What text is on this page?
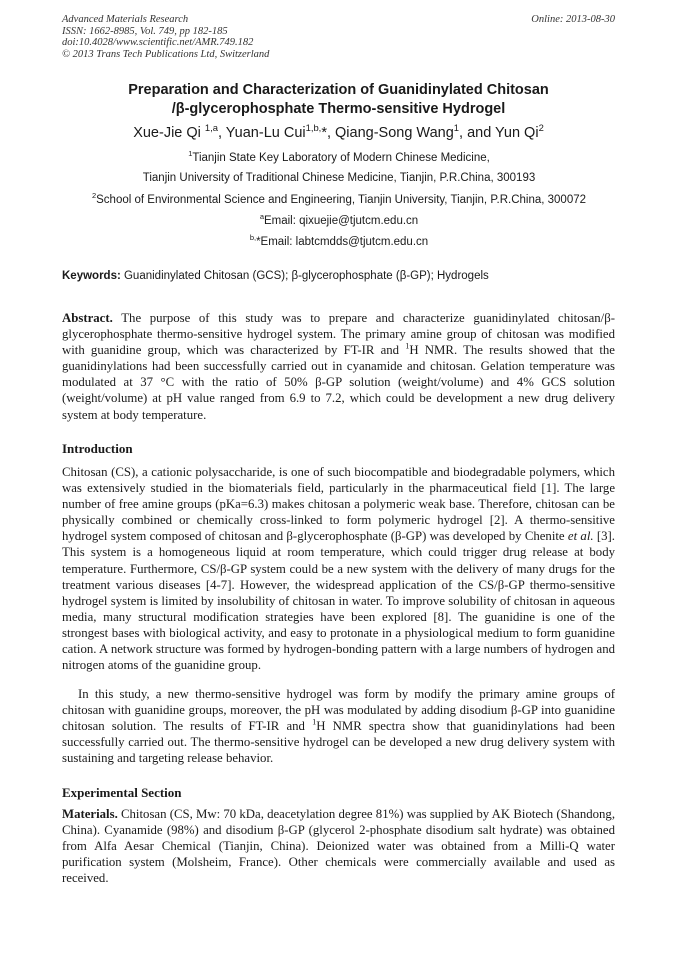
Advanced Materials Research
ISSN: 1662-8985, Vol. 749, pp 182-185
doi:10.4028/www.scientific.net/AMR.749.182
© 2013 Trans Tech Publications Ltd, Switzerland
Online: 2013-08-30
Preparation and Characterization of Guanidinylated Chitosan
/β-glycerophosphate Thermo-sensitive Hydrogel
Xue-Jie Qi $^{1,a}$, Yuan-Lu Cui$^{1,b,}$*, Qiang-Song Wang$^1$, and Yun Qi$^2$
$^1$Tianjin State Key Laboratory of Modern Chinese Medicine,
Tianjin University of Traditional Chinese Medicine, Tianjin, P.R.China, 300193
$^2$School of Environmental Science and Engineering, Tianjin University, Tianjin, P.R.China, 300072
$^a$Email: qixuejie@tjutcm.edu.cn
$^{b,}$*Email: labtcmdds@tjutcm.edu.cn
Keywords: Guanidinylated Chitosan (GCS); β-glycerophosphate (β-GP); Hydrogels
Abstract. The purpose of this study was to prepare and characterize guanidinylated chitosan/β-glycerophosphate thermo-sensitive hydrogel system. The primary amine group of chitosan was modified with guanidine group, which was characterized by FT-IR and $^1$H NMR. The results showed that the guanidinylations had been successfully carried out in cyanamide and chitosan. Gelation temperature was modulated at 37 °C with the ratio of 50% β-GP solution (weight/volume) and 4% GCS solution (weight/volume) at pH value ranged from 6.9 to 7.2, which could be development a new drug delivery system at body temperature.
Introduction
Chitosan (CS), a cationic polysaccharide, is one of such biocompatible and biodegradable polymers, which was extensively studied in the biomaterials field, particularly in the pharmaceutical field [1]. The large number of free amine groups (pKa=6.3) makes chitosan a polymeric weak base. Therefore, chitosan can be physically combined or chemically cross-linked to form polymeric hydrogel [2]. A thermo-sensitive hydrogel system composed of chitosan and β-glycerophosphate (β-GP) was developed by Chenite et al. [3]. This system is a homogeneous liquid at room temperature, which could trigger drug release at body temperature. Furthermore, CS/β-GP system could be a new system with the delivery of many drugs for the treatment various diseases [4-7]. However, the widespread application of the CS/β-GP thermo-sensitive hydrogel system is limited by insolubility of chitosan in water. To improve solubility of chitosan in aqueous media, many structural modification strategies have been explored [8]. The guanidine is one of the strongest bases with biological activity, and easy to protonate in a physiological medium to form guanidine cation. A network structure was formed by hydrogen-bonding pattern with a large numbers of hydrogen and nitrogen atoms of the guanidine group.
In this study, a new thermo-sensitive hydrogel was form by modify the primary amine groups of chitosan with guanidine groups, moreover, the pH was modulated by adding disodium β-GP into guanidine chitosan solution. The results of FT-IR and $^1$H NMR spectra show that guanidinylations had been successfully carried out. The thermo-sensitive hydrogel can be developed a new drug delivery system with sustaining and targeting release behavior.
Experimental Section
Materials. Chitosan (CS, Mw: 70 kDa, deacetylation degree 81%) was supplied by AK Biotech (Shandong, China). Cyanamide (98%) and disodium β-GP (glycerol 2-phosphate disodium salt hydrate) was obtained from Alfa Aesar Chemical (Tianjin, China). Deionized water was obtained from a Milli-Q water purification system (Molsheim, France). Other chemicals were commercially available and used as received.
